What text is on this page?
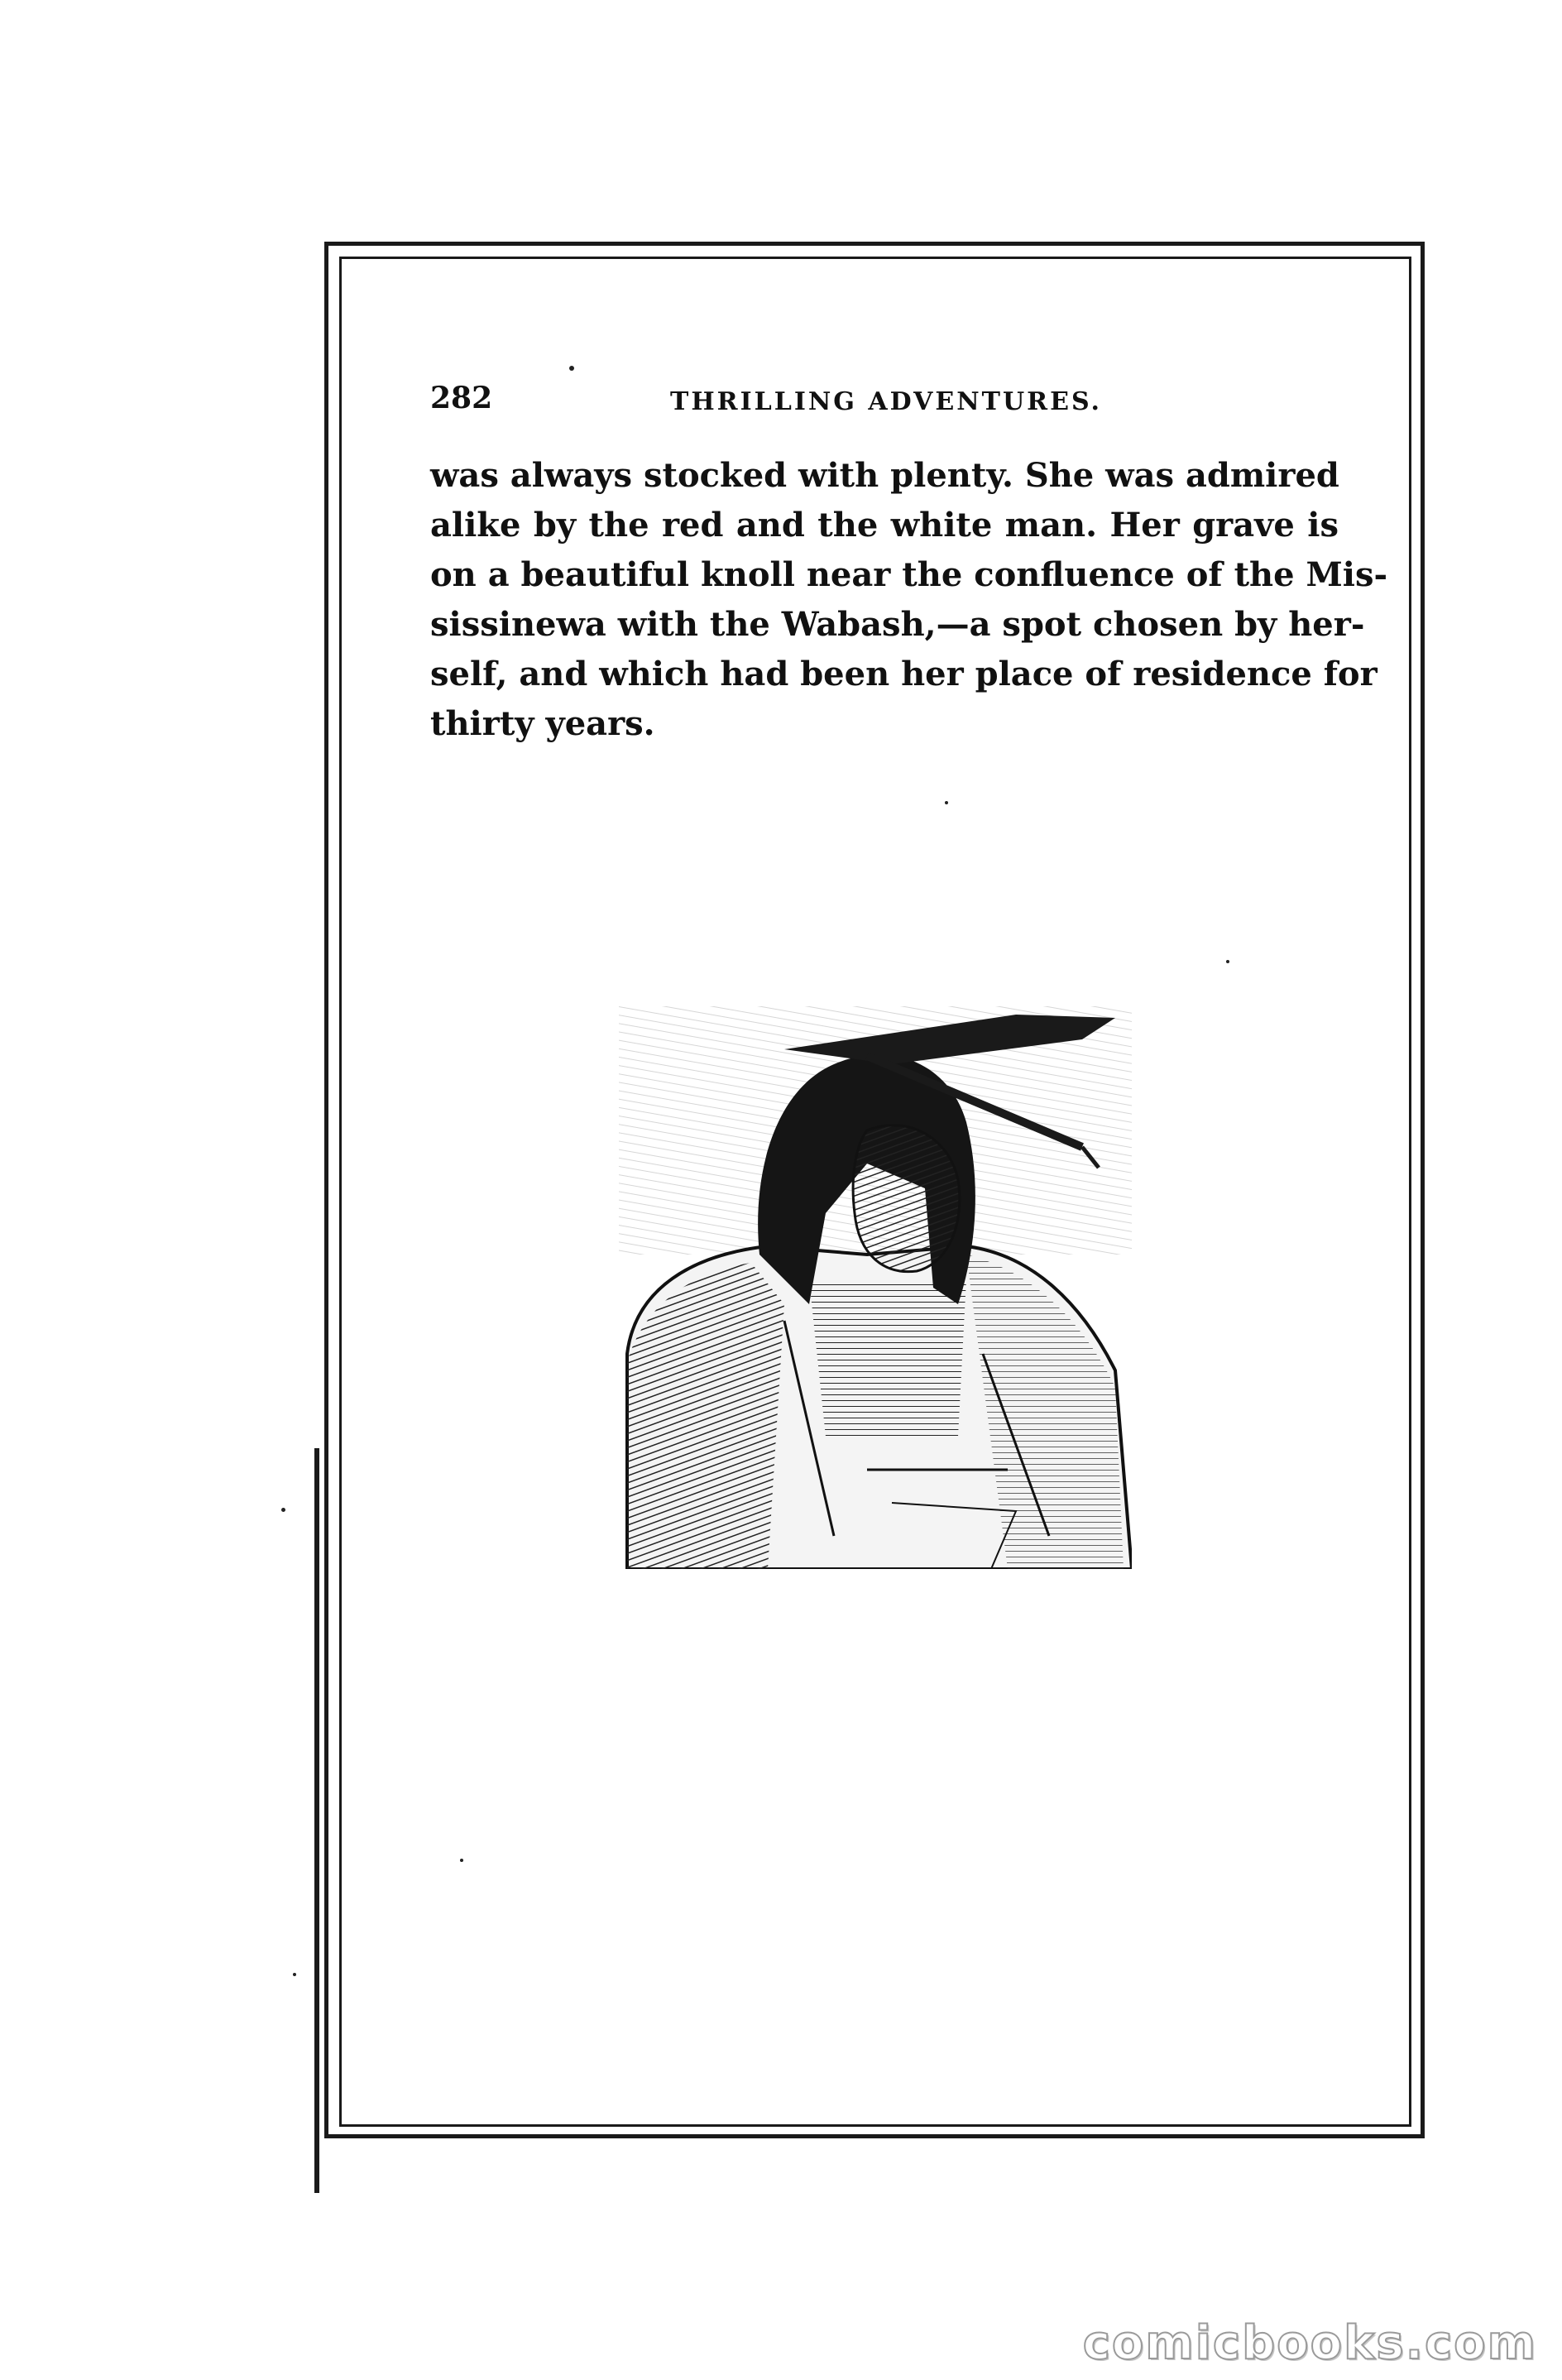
282	THRILLING ADVENTURES.
was always stocked with plenty. She was admired
alike by the red and the white man. Her grave is
on a beautiful knoll near the confluence of the Mis-
sissinewa with the Wabash,—a spot chosen by her-
self, and which had been her place of residence for
thirty years.
comicbooks.com
